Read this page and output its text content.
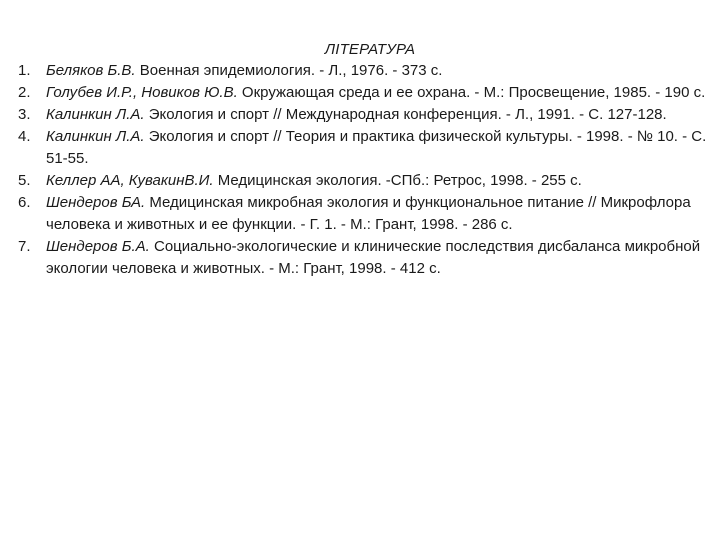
ЛІТЕРАТУРА
1.	Беляков Б.В. Военная эпидемиология. - Л., 1976. - 373 с.
2.	Голубев И.Р., Новиков Ю.В. Окружающая среда и ее охрана. - М.: Просвещение, 1985. - 190 с.
3.	Калинкин Л.А. Экология и спорт // Международная конференция. - Л., 1991. - С. 127-128.
4.	Калинкин Л.А. Экология и спорт // Теория и практика физической культуры. - 1998. - № 10. - С. 51-55.
5.	Келлер АА, КувакинВ.И. Медицинская экология. -СПб.: Ретрос, 1998. - 255 с.
6.	Шендеров БА. Медицинская микробная экология и функциональное питание // Микрофлора человека и животных и ее функции. - Г. 1. - М.: Грант, 1998. - 286 с.
7.	Шендеров Б.А. Социально-экологические и клинические последствия дисбаланса микробной экологии человека и животных. - М.: Грант, 1998. - 412 с.
